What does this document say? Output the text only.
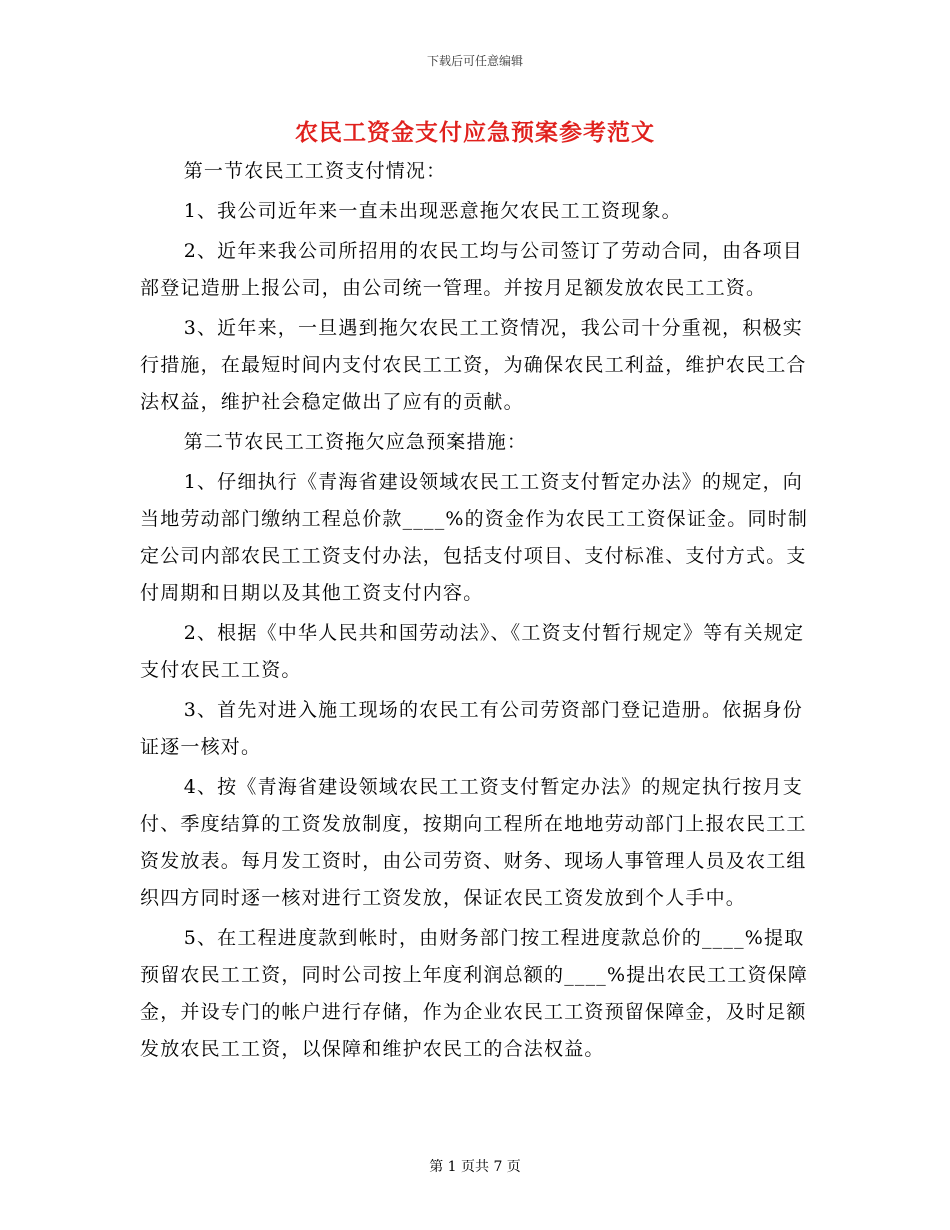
下载后可任意编辑
农民工资金支付应急预案参考范文

第一节农民工工资支付情况：

1、我公司近年来一直未出现恶意拖欠农民工工资现象。

2、近年来我公司所招用的农民工均与公司签订了劳动合同，由各项目部登记造册上报公司，由公司统一管理。并按月足额发放农民工工资。

3、近年来，一旦遇到拖欠农民工工资情况，我公司十分重视，积极实行措施，在最短时间内支付农民工工资，为确保农民工利益，维护农民工合法权益，维护社会稳定做出了应有的贡献。

第二节农民工工资拖欠应急预案措施：

1、仔细执行《青海省建设领域农民工工资支付暂定办法》的规定，向当地劳动部门缴纳工程总价款____%的资金作为农民工工资保证金。同时制定公司内部农民工工资支付办法，包括支付项目、支付标准、支付方式。支付周期和日期以及其他工资支付内容。

2、根据《中华人民共和国劳动法》、《工资支付暂行规定》等有关规定支付农民工工资。

3、首先对进入施工现场的农民工有公司劳资部门登记造册。依据身份证逐一核对。

4、按《青海省建设领域农民工工资支付暂定办法》的规定执行按月支付、季度结算的工资发放制度，按期向工程所在地地劳动部门上报农民工工资发放表。每月发工资时，由公司劳资、财务、现场人事管理人员及农工组织四方同时逐一核对进行工资发放，保证农民工资发放到个人手中。

5、在工程进度款到帐时，由财务部门按工程进度款总价的____%提取预留农民工工资，同时公司按上年度利润总额的____%提出农民工工资保障金，并设专门的帐户进行存储，作为企业农民工工资预留保障金，及时足额发放农民工工资，以保障和维护农民工的合法权益。

第 1 页共 7 页
